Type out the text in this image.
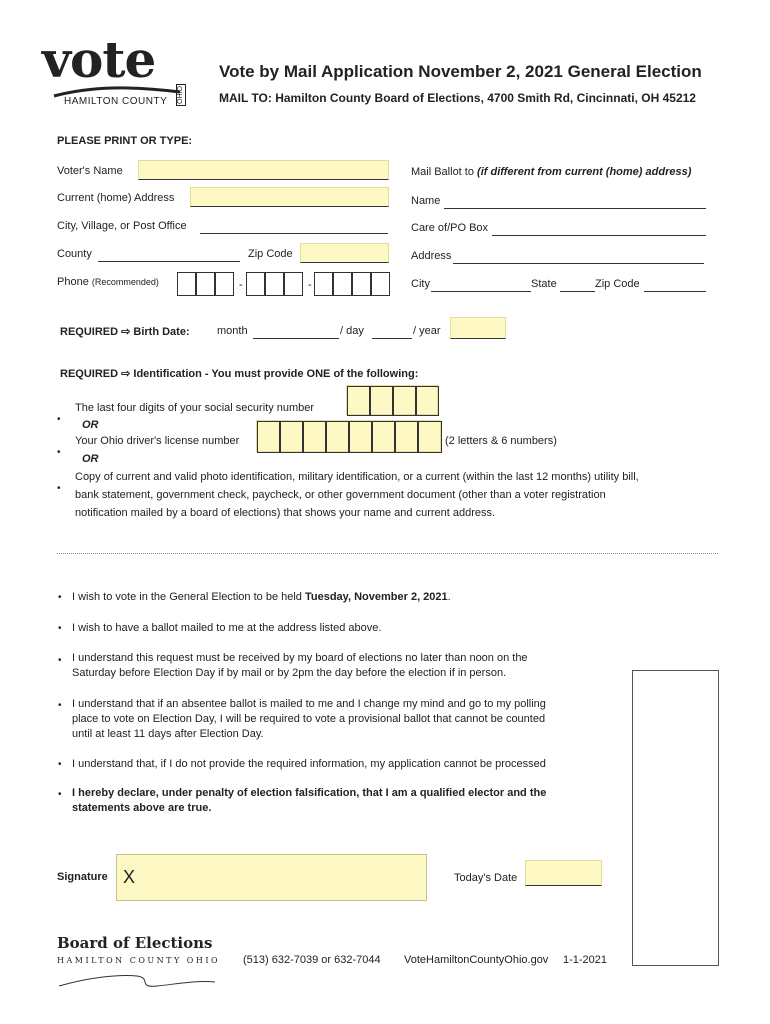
vote
HAMILTON COUNTY OHIO
Vote by Mail Application November 2, 2021 General Election
MAIL TO: Hamilton County Board of Elections, 4700 Smith Rd, Cincinnati, OH 45212
PLEASE PRINT OR TYPE:
Voter's Name
Current (home) Address
City, Village, or Post Office
County	Zip Code
Phone (Recommended)	-	-
Mail Ballot to (if different from current (home) address)
Name
Care of/PO Box
Address
City	State	Zip Code
REQUIRED ⇨ Birth Date: month	/ day	/ year
REQUIRED ⇨ Identification - You must provide ONE of the following:
•
The last four digits of your social security number
OR
•
Your Ohio driver's license number	(2 letters & 6 numbers)
OR
•
Copy of current and valid photo identification, military identification, or a current (within the last 12 months) utility bill,
bank statement, government check, paycheck, or other government document (other than a voter registration
notification mailed by a board of elections) that shows your name and current address.
• I wish to vote in the General Election to be held Tuesday, November 2, 2021.
• I wish to have a ballot mailed to me at the address listed above.
• I understand this request must be received by my board of elections no later than noon on the
Saturday before Election Day if by mail or by 2pm the day before the election if in person.
• I understand that if an absentee ballot is mailed to me and I change my mind and go to my polling
place to vote on Election Day, I will be required to vote a provisional ballot that cannot be counted
until at least 11 days after Election Day.
• I understand that, if I do not provide the required information, my application cannot be processed
• I hereby declare, under penalty of election falsification, that I am a qualified elector and the
statements above are true.
Signature X	Today's Date
Board of Elections
HAMILTON COUNTY OHIO (513) 632-7039 or 632-7044 VoteHamiltonCountyOhio.gov 1-1-2021
